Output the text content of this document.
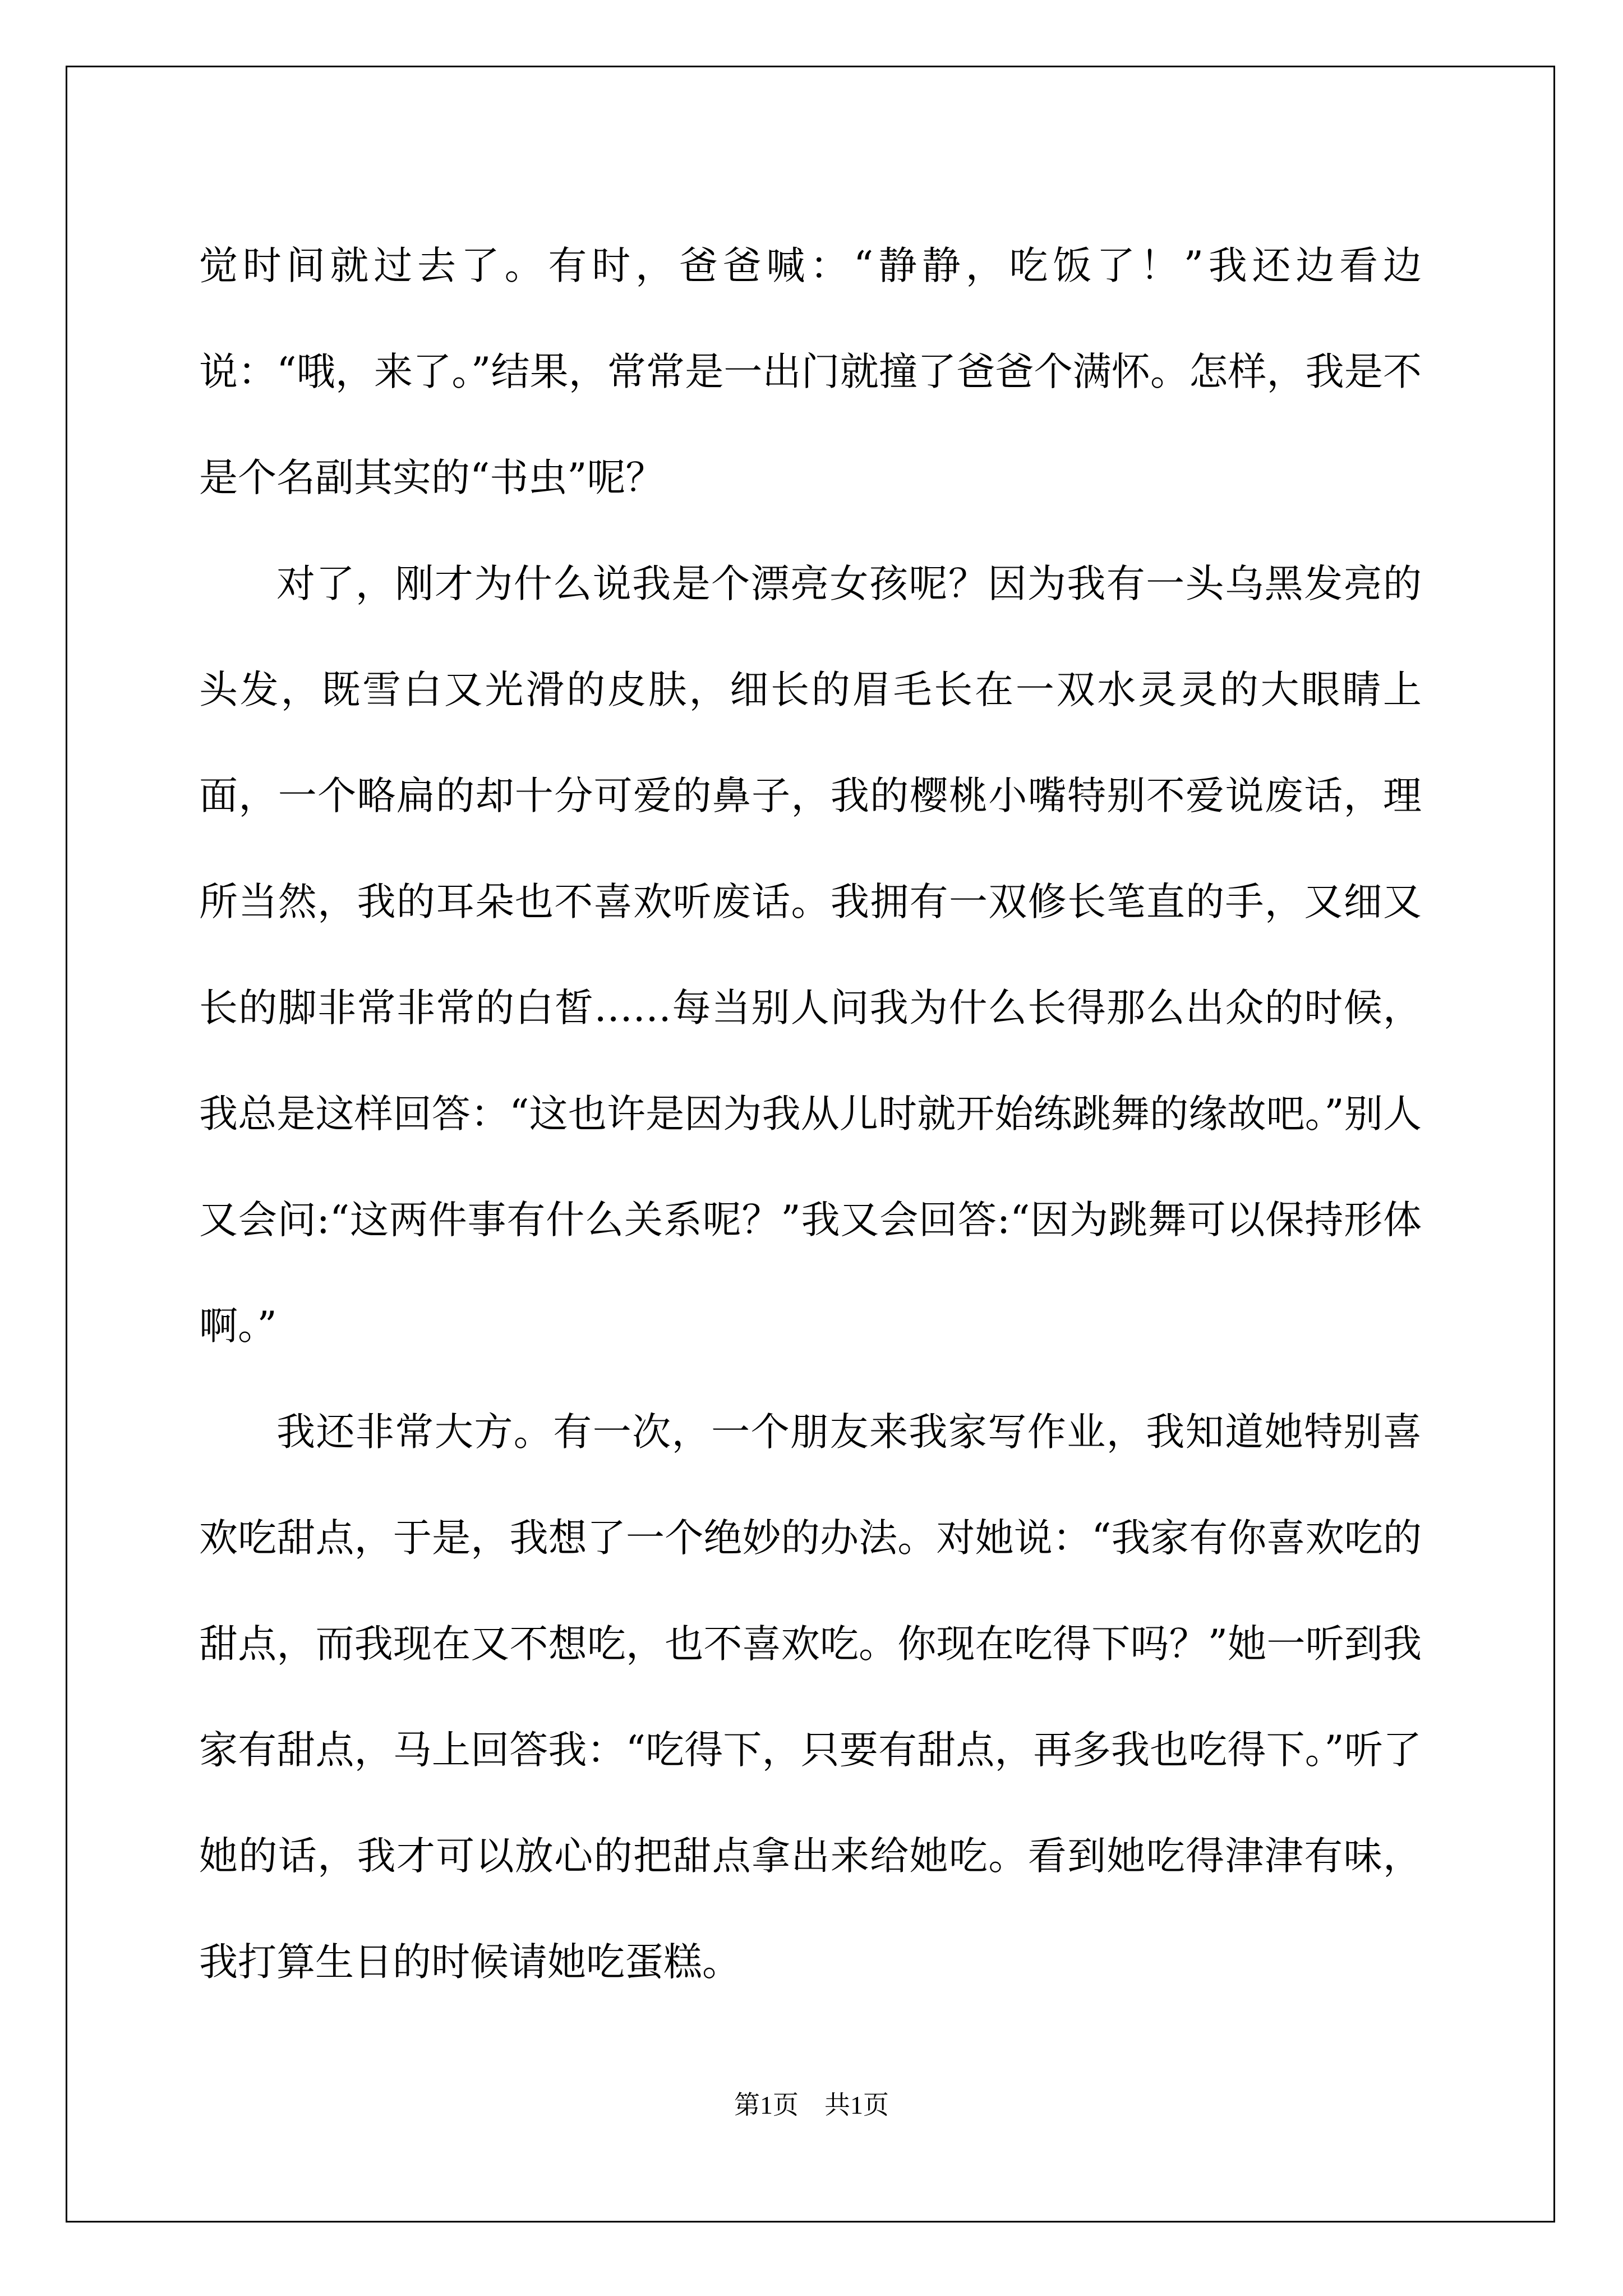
觉时间就过去了。有时，爸爸喊：“静静，吃饭了！”我还边看边说：“哦，来了。”结果，常常是一出门就撞了爸爸个满怀。怎样，我是不是个名副其实的“书虫”呢？

对了，刚才为什么说我是个漂亮女孩呢？因为我有一头乌黑发亮的头发，既雪白又光滑的皮肤，细长的眉毛长在一双水灵灵的大眼睛上面，一个略扁的却十分可爱的鼻子，我的樱桃小嘴特别不爱说废话，理所当然，我的耳朵也不喜欢听废话。我拥有一双修长笔直的手，又细又长的脚非常非常的白皙……每当别人问我为什么长得那么出众的时候，我总是这样回答：“这也许是因为我从儿时就开始练跳舞的缘故吧。”别人又会问:“这两件事有什么关系呢？”我又会回答:“因为跳舞可以保持形体啊。”

我还非常大方。有一次，一个朋友来我家写作业，我知道她特别喜欢吃甜点，于是，我想了一个绝妙的办法。对她说：“我家有你喜欢吃的甜点，而我现在又不想吃，也不喜欢吃。你现在吃得下吗？”她一听到我家有甜点，马上回答我：“吃得下，只要有甜点，再多我也吃得下。”听了她的话，我才可以放心的把甜点拿出来给她吃。看到她吃得津津有味，我打算生日的时候请她吃蛋糕。

第1页 共1页
